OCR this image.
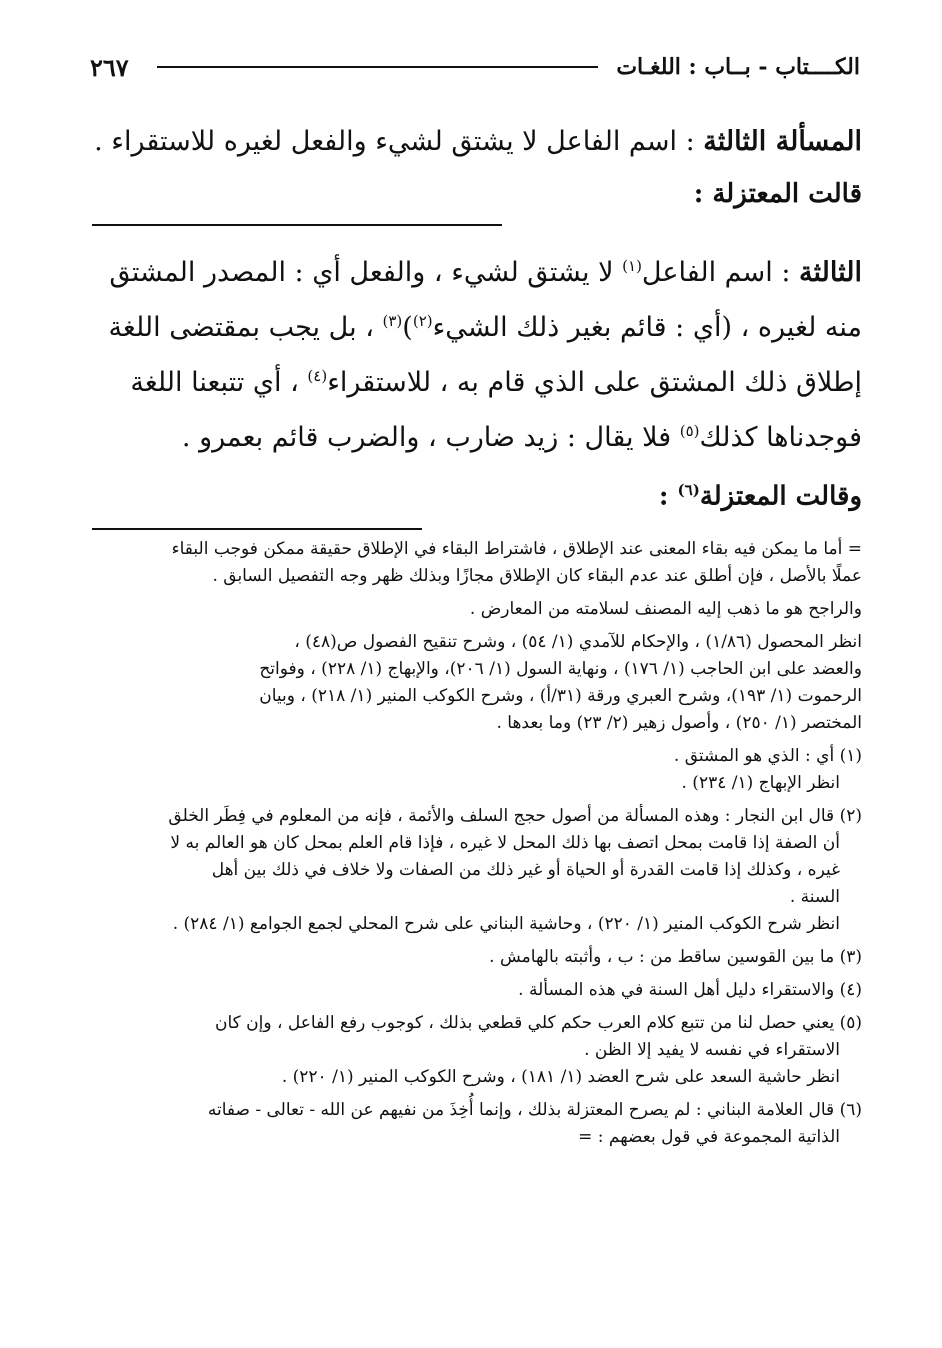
الكــــتاب - بــاب : اللغـات
٢٦٧
المسألة الثالثة : اسم الفاعل لا يشتق لشيء والفعل لغيره للاستقراء .
قالت المعتزلة :
الثالثة : اسم الفاعل$^{(١)}$ لا يشتق لشيء ، والفعل أي : المصدر المشتق
منه لغيره ، (أي : قائم بغير ذلك الشيء$^{(٢)}$)$^{(٣)}$ ، بل يجب بمقتضى اللغة
إطلاق ذلك المشتق على الذي قام به ، للاستقراء$^{(٤)}$ ، أي تتبعنا اللغة
فوجدناها كذلك$^{(٥)}$ فلا يقال : زيد ضارب ، والضرب قائم بعمرو .
وقالت المعتزلة$^{(٦)}$ :
= أما ما يمكن فيه بقاء المعنى عند الإطلاق ، فاشتراط البقاء في الإطلاق حقيقة ممكن فوجب البقاء
عملًا بالأصل ، فإن أطلق عند عدم البقاء كان الإطلاق مجازًا وبذلك ظهر وجه التفصيل السابق .
والراجح هو ما ذهب إليه المصنف لسلامته من المعارض .
انظر المحصول (١/٨٦) ، والإحكام للآمدي (١/ ٥٤) ، وشرح تنقيح الفصول ص(٤٨) ،
والعضد على ابن الحاجب (١/ ١٧٦) ، ونهاية السول (١/ ٢٠٦)، والإبهاج (١/ ٢٢٨) ، وفواتح
الرحموت (١/ ١٩٣)، وشرح العبري ورقة (٣١/أ) ، وشرح الكوكب المنير (١/ ٢١٨) ، وبيان
المختصر (١/ ٢٥٠) ، وأصول زهير (٢/ ٢٣) وما بعدها .
(١) أي : الذي هو المشتق .
انظر الإبهاج (١/ ٢٣٤) .
(٢) قال ابن النجار : وهذه المسألة من أصول حجج السلف والأئمة ، فإنه من المعلوم في فِطَر الخلق
أن الصفة إذا قامت بمحل اتصف بها ذلك المحل لا غيره ، فإذا قام العلم بمحل كان هو العالم به لا
غيره ، وكذلك إذا قامت القدرة أو الحياة أو غير ذلك من الصفات ولا خلاف في ذلك بين أهل
السنة .
انظر شرح الكوكب المنير (١/ ٢٢٠) ، وحاشية البناني على شرح المحلي لجمع الجوامع (١/ ٢٨٤) .
(٣) ما بين القوسين ساقط من : ب ، وأثبته بالهامش .
(٤) والاستقراء دليل أهل السنة في هذه المسألة .
(٥) يعني حصل لنا من تتبع كلام العرب حكم كلي قطعي بذلك ، كوجوب رفع الفاعل ، وإن كان
الاستقراء في نفسه لا يفيد إلا الظن .
انظر حاشية السعد على شرح العضد (١/ ١٨١) ، وشرح الكوكب المنير (١/ ٢٢٠) .
(٦) قال العلامة البناني : لم يصرح المعتزلة بذلك ، وإنما أُخِذَ من نفيهم عن الله - تعالى - صفاته
الذاتية المجموعة في قول بعضهم : =
